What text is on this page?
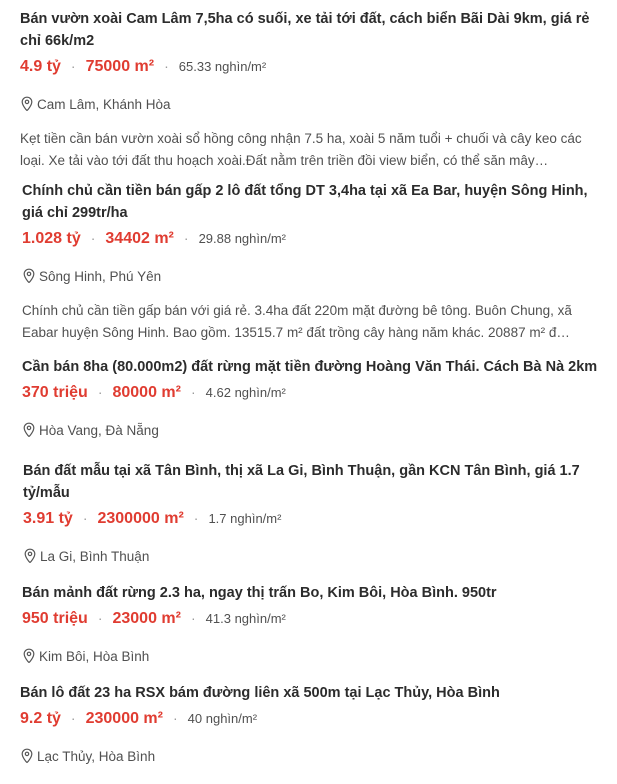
Bán vườn xoài Cam Lâm 7,5ha có suối, xe tải tới đất, cách biển Bãi Dài 9km, giá rẻ chỉ 66k/m2
4.9 tỷ · 75000 m² · 65.33 nghìn/m²
Cam Lâm, Khánh Hòa
Kẹt tiền cần bán vườn xoài sổ hồng công nhận 7.5 ha, xoài 5 năm tuổi + chuối và cây keo các loại. Xe tải vào tới đất thu hoạch xoài.Đất nằm trên triền đồi view biển, có thể săn mây…
Chính chủ cần tiền bán gấp 2 lô đất tổng DT 3,4ha tại xã Ea Bar, huyện Sông Hinh, giá chỉ 299tr/ha
1.028 tỷ · 34402 m² · 29.88 nghìn/m²
Sông Hinh, Phú Yên
Chính chủ cần tiền gấp bán với giá rẻ. 3.4ha đất 220m mặt đường bê tông. Buôn Chung, xã Eabar huyện Sông Hinh. Bao gồm. 13515.7 m² đất trồng cây hàng năm khác. 20887 m² đ…
Cần bán 8ha (80.000m2) đất rừng mặt tiền đường Hoàng Văn Thái. Cách Bà Nà 2km
370 triệu · 80000 m² · 4.62 nghìn/m²
Hòa Vang, Đà Nẵng
Bán đất mẫu tại xã Tân Bình, thị xã La Gi, Bình Thuận, gần KCN Tân Bình, giá 1.7 tỷ/mẫu
3.91 tỷ · 2300000 m² · 1.7 nghìn/m²
La Gi, Bình Thuận
Bán mảnh đất rừng 2.3 ha, ngay thị trấn Bo, Kim Bôi, Hòa Bình. 950tr
950 triệu · 23000 m² · 41.3 nghìn/m²
Kim Bôi, Hòa Bình
Bán lô đất 23 ha RSX bám đường liên xã 500m tại Lạc Thủy, Hòa Bình
9.2 tỷ · 230000 m² · 40 nghìn/m²
Lạc Thủy, Hòa Bình
